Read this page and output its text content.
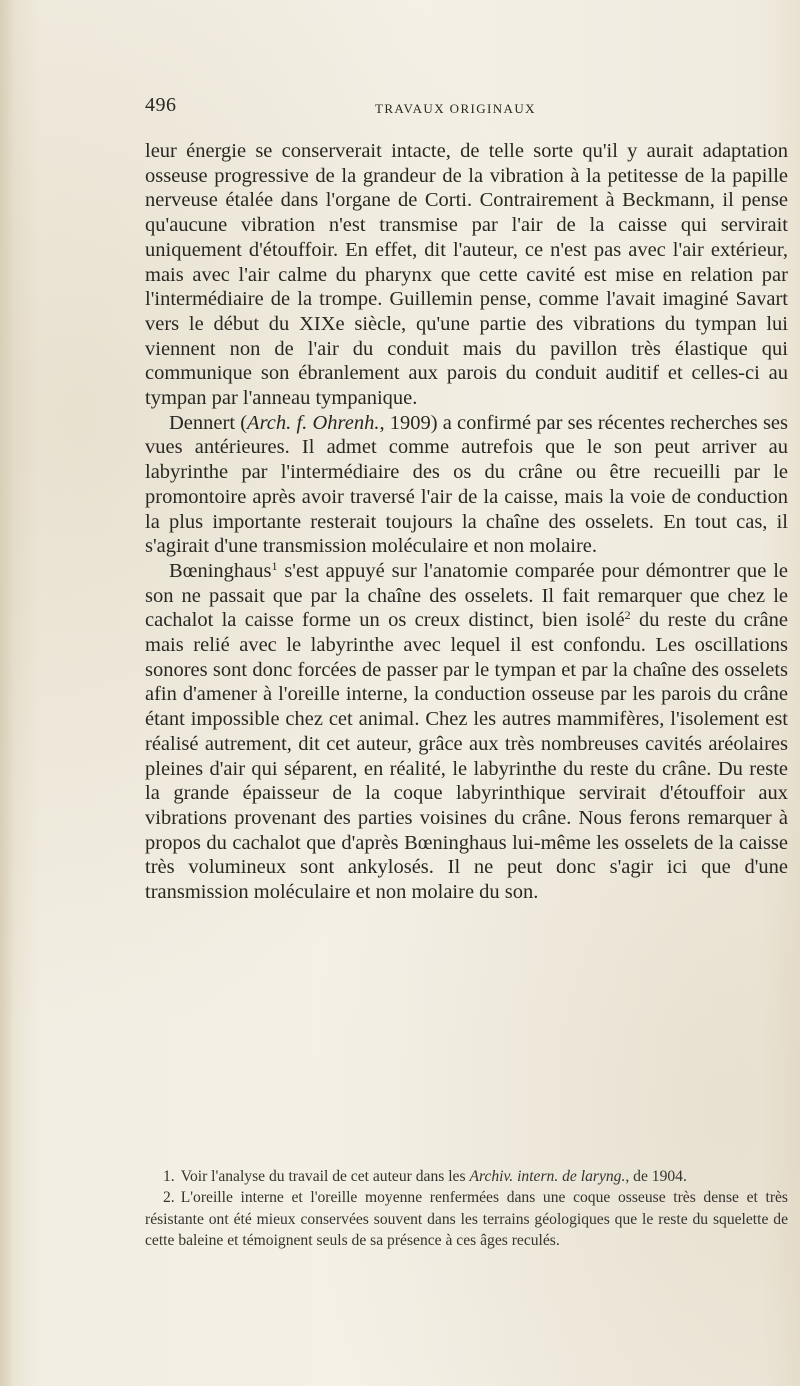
496	TRAVAUX ORIGINAUX

leur énergie se conserverait intacte, de telle sorte qu'il y aurait adaptation osseuse progressive de la grandeur de la vibration à la petitesse de la papille nerveuse étalée dans l'organe de Corti. Contrairement à Beckmann, il pense qu'aucune vibration n'est transmise par l'air de la caisse qui servirait uniquement d'étouffoir. En effet, dit l'auteur, ce n'est pas avec l'air extérieur, mais avec l'air calme du pharynx que cette cavité est mise en relation par l'intermédiaire de la trompe. Guillemin pense, comme l'avait imaginé Savart vers le début du XIXe siècle, qu'une partie des vibrations du tympan lui viennent non de l'air du conduit mais du pavillon très élastique qui communique son ébranlement aux parois du conduit auditif et celles-ci au tympan par l'anneau tympanique.

Dennert (Arch. f. Ohrenh., 1909) a confirmé par ses récentes recherches ses vues antérieures. Il admet comme autrefois que le son peut arriver au labyrinthe par l'intermédiaire des os du crâne ou être recueilli par le promontoire après avoir traversé l'air de la caisse, mais la voie de conduction la plus importante resterait toujours la chaîne des osselets. En tout cas, il s'agirait d'une transmission moléculaire et non molaire.

Bœninghaus$^1$ s'est appuyé sur l'anatomie comparée pour démontrer que le son ne passait que par la chaîne des osselets. Il fait remarquer que chez le cachalot la caisse forme un os creux distinct, bien isolé$^2$ du reste du crâne mais relié avec le labyrinthe avec lequel il est confondu. Les oscillations sonores sont donc forcées de passer par le tympan et par la chaîne des osselets afin d'amener à l'oreille interne, la conduction osseuse par les parois du crâne étant impossible chez cet animal. Chez les autres mammifères, l'isolement est réalisé autrement, dit cet auteur, grâce aux très nombreuses cavités aréolaires pleines d'air qui séparent, en réalité, le labyrinthe du reste du crâne. Du reste la grande épaisseur de la coque labyrinthique servirait d'étouffoir aux vibrations provenant des parties voisines du crâne. Nous ferons remarquer à propos du cachalot que d'après Bœninghaus lui-même les osselets de la caisse très volumineux sont ankylosés. Il ne peut donc s'agir ici que d'une transmission moléculaire et non molaire du son.

1. Voir l'analyse du travail de cet auteur dans les Archiv. intern. de laryng., de 1904.

2. L'oreille interne et l'oreille moyenne renfermées dans une coque osseuse très dense et très résistante ont été mieux conservées souvent dans les terrains géologiques que le reste du squelette de cette baleine et témoignent seuls de sa présence à ces âges reculés.
